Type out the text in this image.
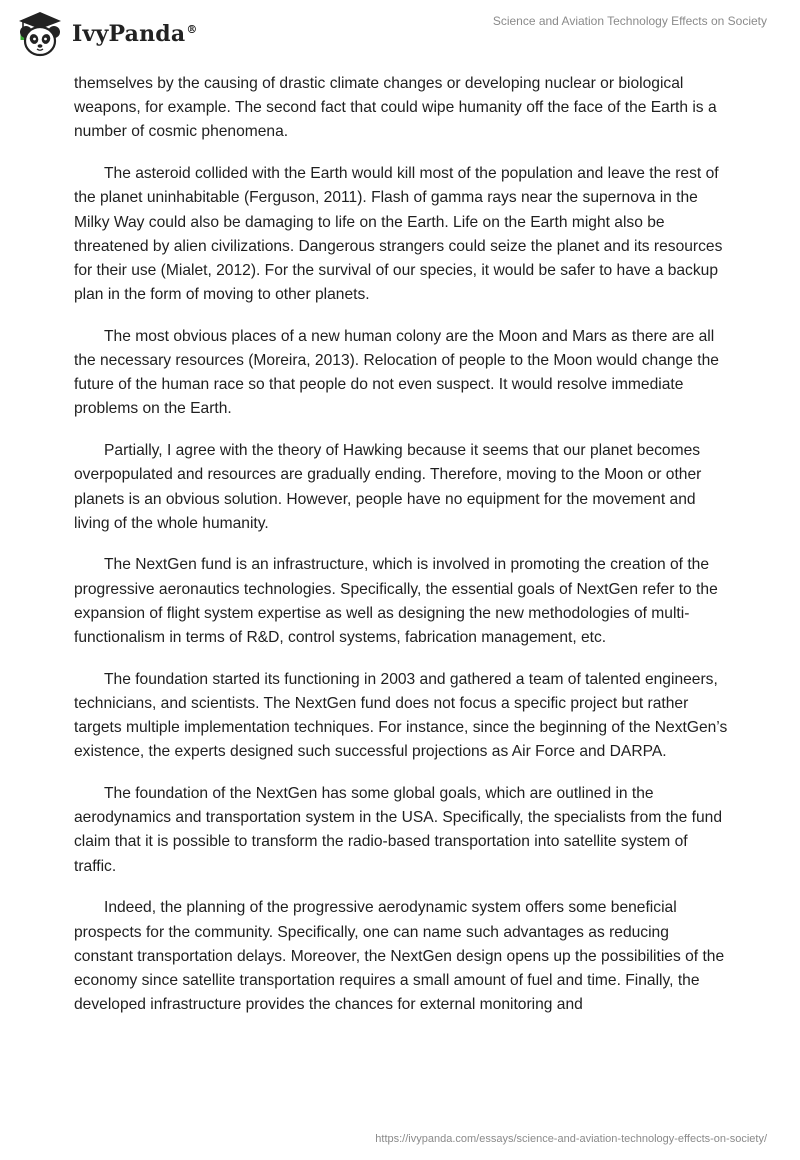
IvyPanda®
Science and Aviation Technology Effects on Society

themselves by the causing of drastic climate changes or developing nuclear or biological weapons, for example. The second fact that could wipe humanity off the face of the Earth is a number of cosmic phenomena.

The asteroid collided with the Earth would kill most of the population and leave the rest of the planet uninhabitable (Ferguson, 2011). Flash of gamma rays near the supernova in the Milky Way could also be damaging to life on the Earth. Life on the Earth might also be threatened by alien civilizations. Dangerous strangers could seize the planet and its resources for their use (Mialet, 2012). For the survival of our species, it would be safer to have a backup plan in the form of moving to other planets.

The most obvious places of a new human colony are the Moon and Mars as there are all the necessary resources (Moreira, 2013). Relocation of people to the Moon would change the future of the human race so that people do not even suspect. It would resolve immediate problems on the Earth.

Partially, I agree with the theory of Hawking because it seems that our planet becomes overpopulated and resources are gradually ending. Therefore, moving to the Moon or other planets is an obvious solution. However, people have no equipment for the movement and living of the whole humanity.

The NextGen fund is an infrastructure, which is involved in promoting the creation of the progressive aeronautics technologies. Specifically, the essential goals of NextGen refer to the expansion of flight system expertise as well as designing the new methodologies of multi-functionalism in terms of R&D, control systems, fabrication management, etc.

The foundation started its functioning in 2003 and gathered a team of talented engineers, technicians, and scientists. The NextGen fund does not focus a specific project but rather targets multiple implementation techniques. For instance, since the beginning of the NextGen’s existence, the experts designed such successful projections as Air Force and DARPA.

The foundation of the NextGen has some global goals, which are outlined in the aerodynamics and transportation system in the USA. Specifically, the specialists from the fund claim that it is possible to transform the radio-based transportation into satellite system of traffic.

Indeed, the planning of the progressive aerodynamic system offers some beneficial prospects for the community. Specifically, one can name such advantages as reducing constant transportation delays. Moreover, the NextGen design opens up the possibilities of the economy since satellite transportation requires a small amount of fuel and time. Finally, the developed infrastructure provides the chances for external monitoring and

https://ivypanda.com/essays/science-and-aviation-technology-effects-on-society/
